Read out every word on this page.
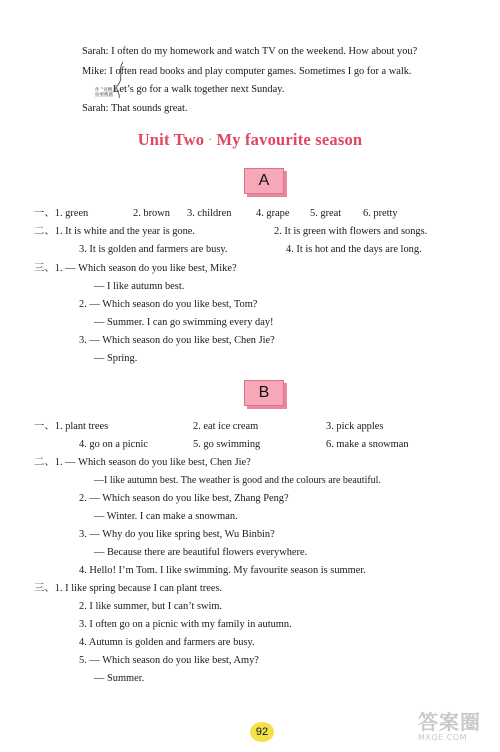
Sarah: I often do my homework and watch TV on the weekend. How about you?
Mike: I often read books and play computer games. Sometimes I go for a walk.
Let’s go for a walk together next Sunday.
Sarah: That sounds great.
作 ”业精灵
拍照搜题
Unit Two · My favourite season
A
一、1. green	2. brown 3. children 4. grape 5. great 6. pretty
二、1. It is white and the year is gone.	2. It is green with flowers and songs.
3. It is golden and farmers are busy.	4. It is hot and the days are long.
三、1. — Which season do you like best, Mike?
— I like autumn best.
2. — Which season do you like best, Tom?
— Summer. I can go swimming every day!
3. — Which season do you like best, Chen Jie?
— Spring.
B
一、1. plant trees	2. eat ice cream	3. pick apples
4. go on a picnic	5. go swimming	6. make a snowman
二、1. — Which season do you like best, Chen Jie?
—I like autumn best. The weather is good and the colours are beautiful.
2. — Which season do you like best, Zhang Peng?
— Winter. I can make a snowman.
3. — Why do you like spring best, Wu Binbin?
— Because there are beautiful flowers everywhere.
4. Hello! I’m Tom. I like swimming. My favourite season is summer.
三、1. I like spring because I can plant trees.
2. I like summer, but I can’t swim.
3. I often go on a picnic with my family in autumn.
4. Autumn is golden and farmers are busy.
5. — Which season do you like best, Amy?
— Summer.
92	答案圈
MXQE.COM
